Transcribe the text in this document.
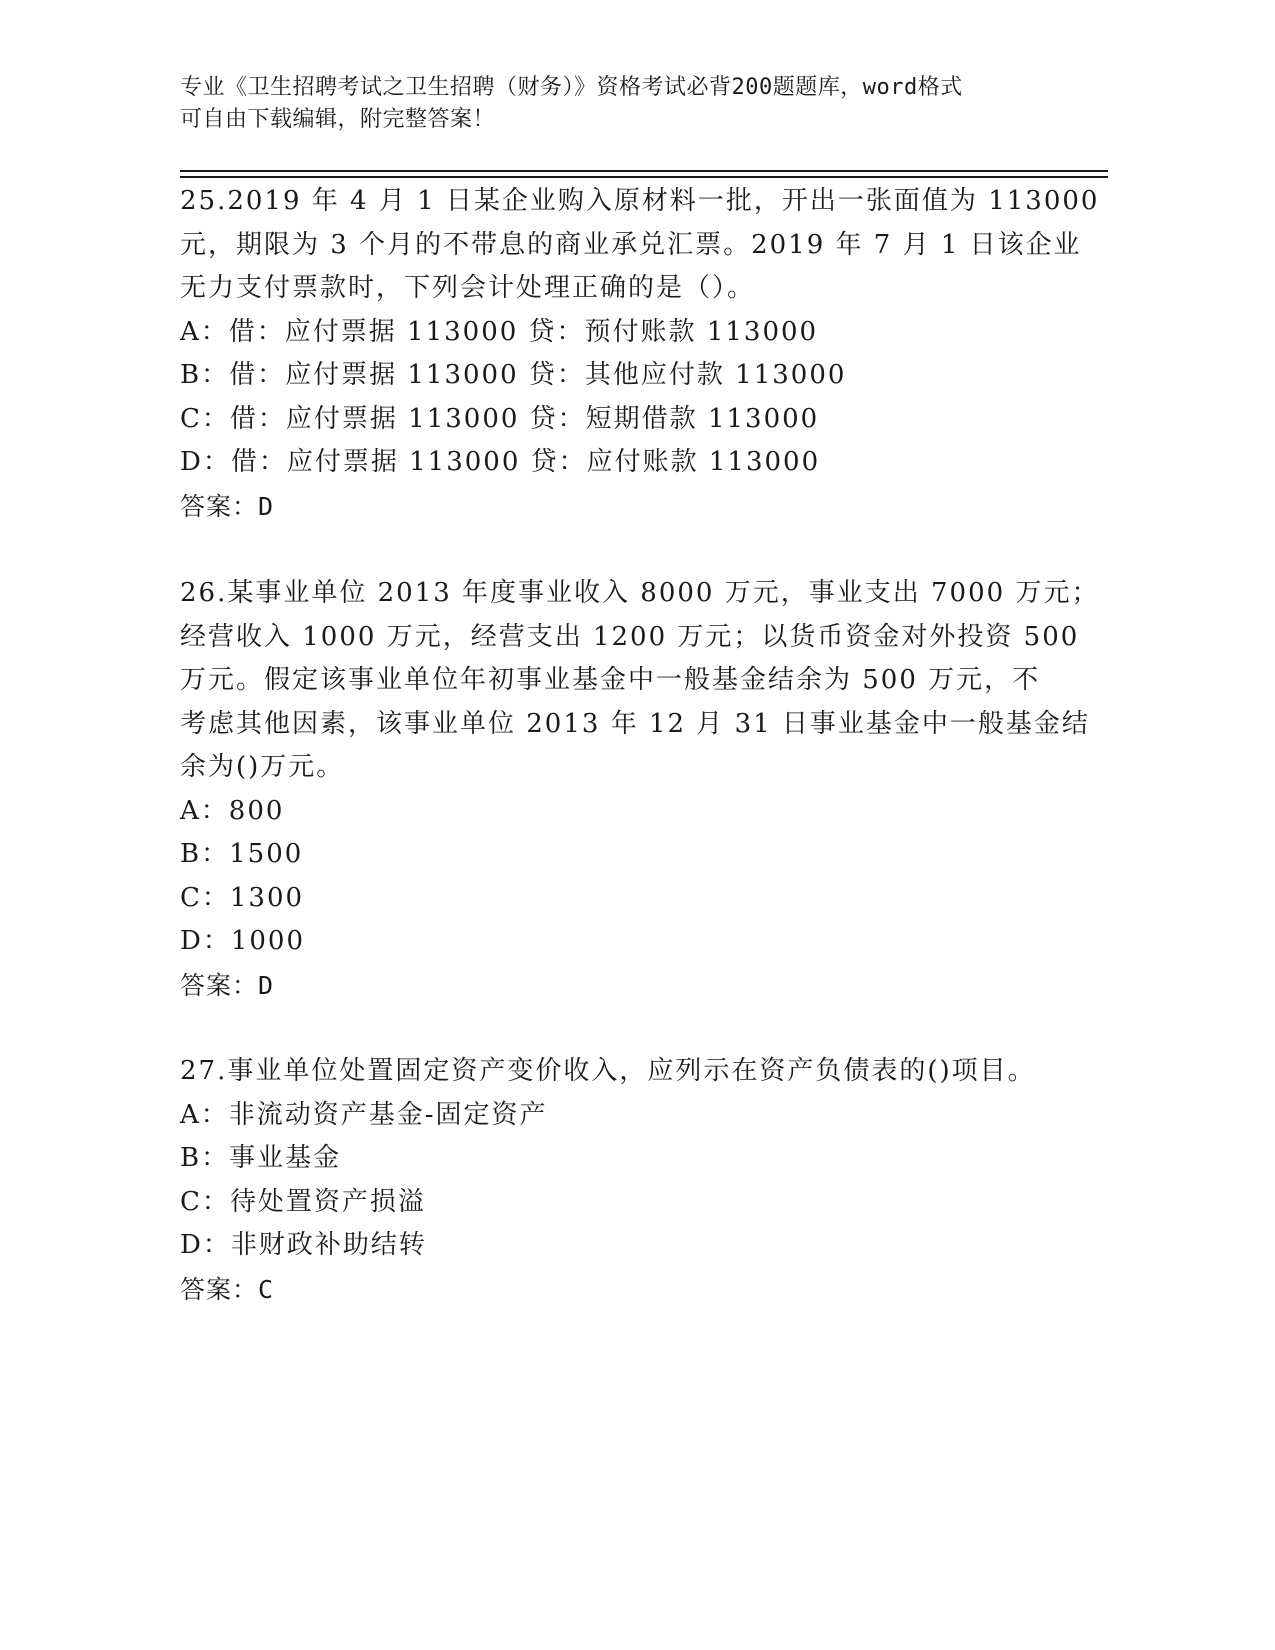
专业《卫生招聘考试之卫生招聘（财务）》资格考试必背200题题库，word格式
可自由下载编辑，附完整答案！
25.2019 年 4 月 1 日某企业购入原材料一批，开出一张面值为 113000
元，期限为 3 个月的不带息的商业承兑汇票。2019 年 7 月 1 日该企业
无力支付票款时，下列会计处理正确的是（）。
A：借：应付票据 113000 贷：预付账款 113000
B：借：应付票据 113000 贷：其他应付款 113000
C：借：应付票据 113000 贷：短期借款 113000
D：借：应付票据 113000 贷：应付账款 113000
答案：D
26.某事业单位 2013 年度事业收入 8000 万元，事业支出 7000 万元；
经营收入 1000 万元，经营支出 1200 万元；以货币资金对外投资 500
万元。假定该事业单位年初事业基金中一般基金结余为 500 万元，不
考虑其他因素，该事业单位 2013 年 12 月 31 日事业基金中一般基金结
余为()万元。
A：800
B：1500
C：1300
D：1000
答案：D
27.事业单位处置固定资产变价收入，应列示在资产负债表的()项目。
A：非流动资产基金-固定资产
B：事业基金
C：待处置资产损溢
D：非财政补助结转
答案：C
